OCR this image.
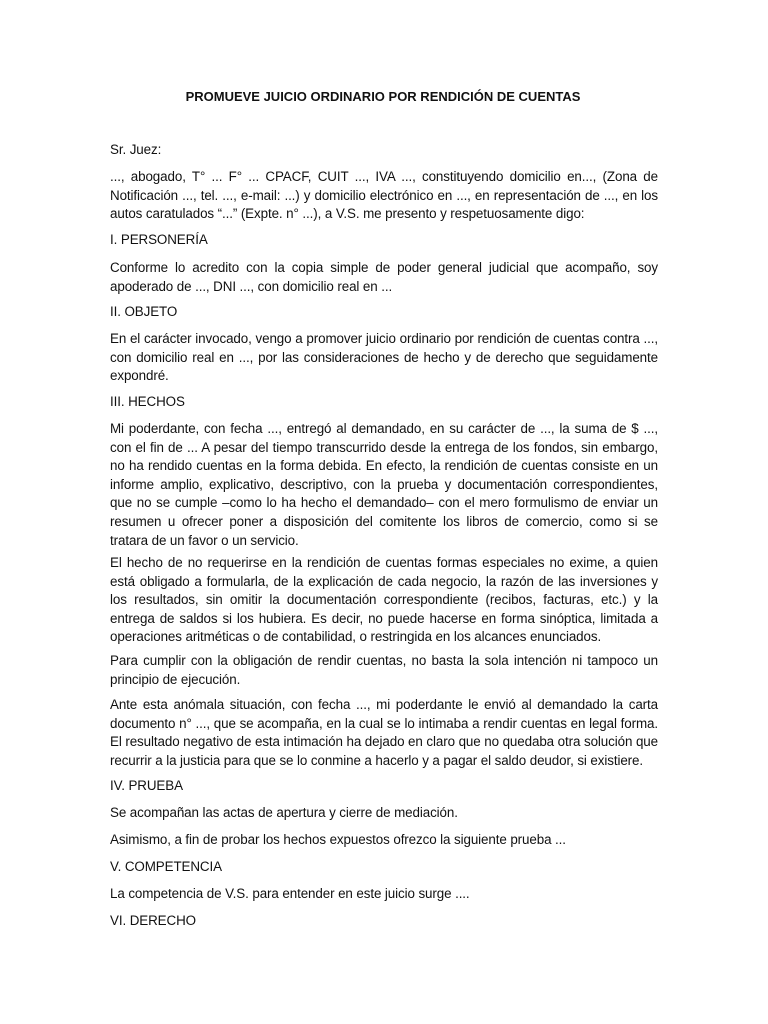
PROMUEVE JUICIO ORDINARIO POR RENDICIÓN DE CUENTAS

Sr. Juez:

..., abogado, T° ... F° ... CPACF, CUIT ..., IVA ..., constituyendo domicilio en..., (Zona de Notificación ..., tel. ..., e-mail: ...) y domicilio electrónico en ..., en representación de ..., en los autos caratulados “...” (Expte. n° ...), a V.S. me presento y respetuosamente digo:

I. PERSONERÍA

Conforme lo acredito con la copia simple de poder general judicial que acompaño, soy apoderado de ..., DNI ..., con domicilio real en ...

II. OBJETO

En el carácter invocado, vengo a promover juicio ordinario por rendición de cuentas contra ..., con domicilio real en ..., por las consideraciones de hecho y de derecho que seguidamente expondré.

III. HECHOS

Mi poderdante, con fecha ..., entregó al demandado, en su carácter de ..., la suma de $ ..., con el fin de ... A pesar del tiempo transcurrido desde la entrega de los fondos, sin embargo, no ha rendido cuentas en la forma debida. En efecto, la rendición de cuentas consiste en un informe amplio, explicativo, descriptivo, con la prueba y documentación correspondientes, que no se cumple –como lo ha hecho el demandado– con el mero formulismo de enviar un resumen u ofrecer poner a disposición del comitente los libros de comercio, como si se tratara de un favor o un servicio.

El hecho de no requerirse en la rendición de cuentas formas especiales no exime, a quien está obligado a formularla, de la explicación de cada negocio, la razón de las inversiones y los resultados, sin omitir la documentación correspondiente (recibos, facturas, etc.) y la entrega de saldos si los hubiera. Es decir, no puede hacerse en forma sinóptica, limitada a operaciones aritméticas o de contabilidad, o restringida en los alcances enunciados.

Para cumplir con la obligación de rendir cuentas, no basta la sola intención ni tampoco un principio de ejecución.

Ante esta anómala situación, con fecha ..., mi poderdante le envió al demandado la carta documento n° ..., que se acompaña, en la cual se lo intimaba a rendir cuentas en legal forma. El resultado negativo de esta intimación ha dejado en claro que no quedaba otra solución que recurrir a la justicia para que se lo conmine a hacerlo y a pagar el saldo deudor, si existiere.

IV. PRUEBA

Se acompañan las actas de apertura y cierre de mediación.

Asimismo, a fin de probar los hechos expuestos ofrezco la siguiente prueba ...

V. COMPETENCIA

La competencia de V.S. para entender en este juicio surge ....

VI. DERECHO
